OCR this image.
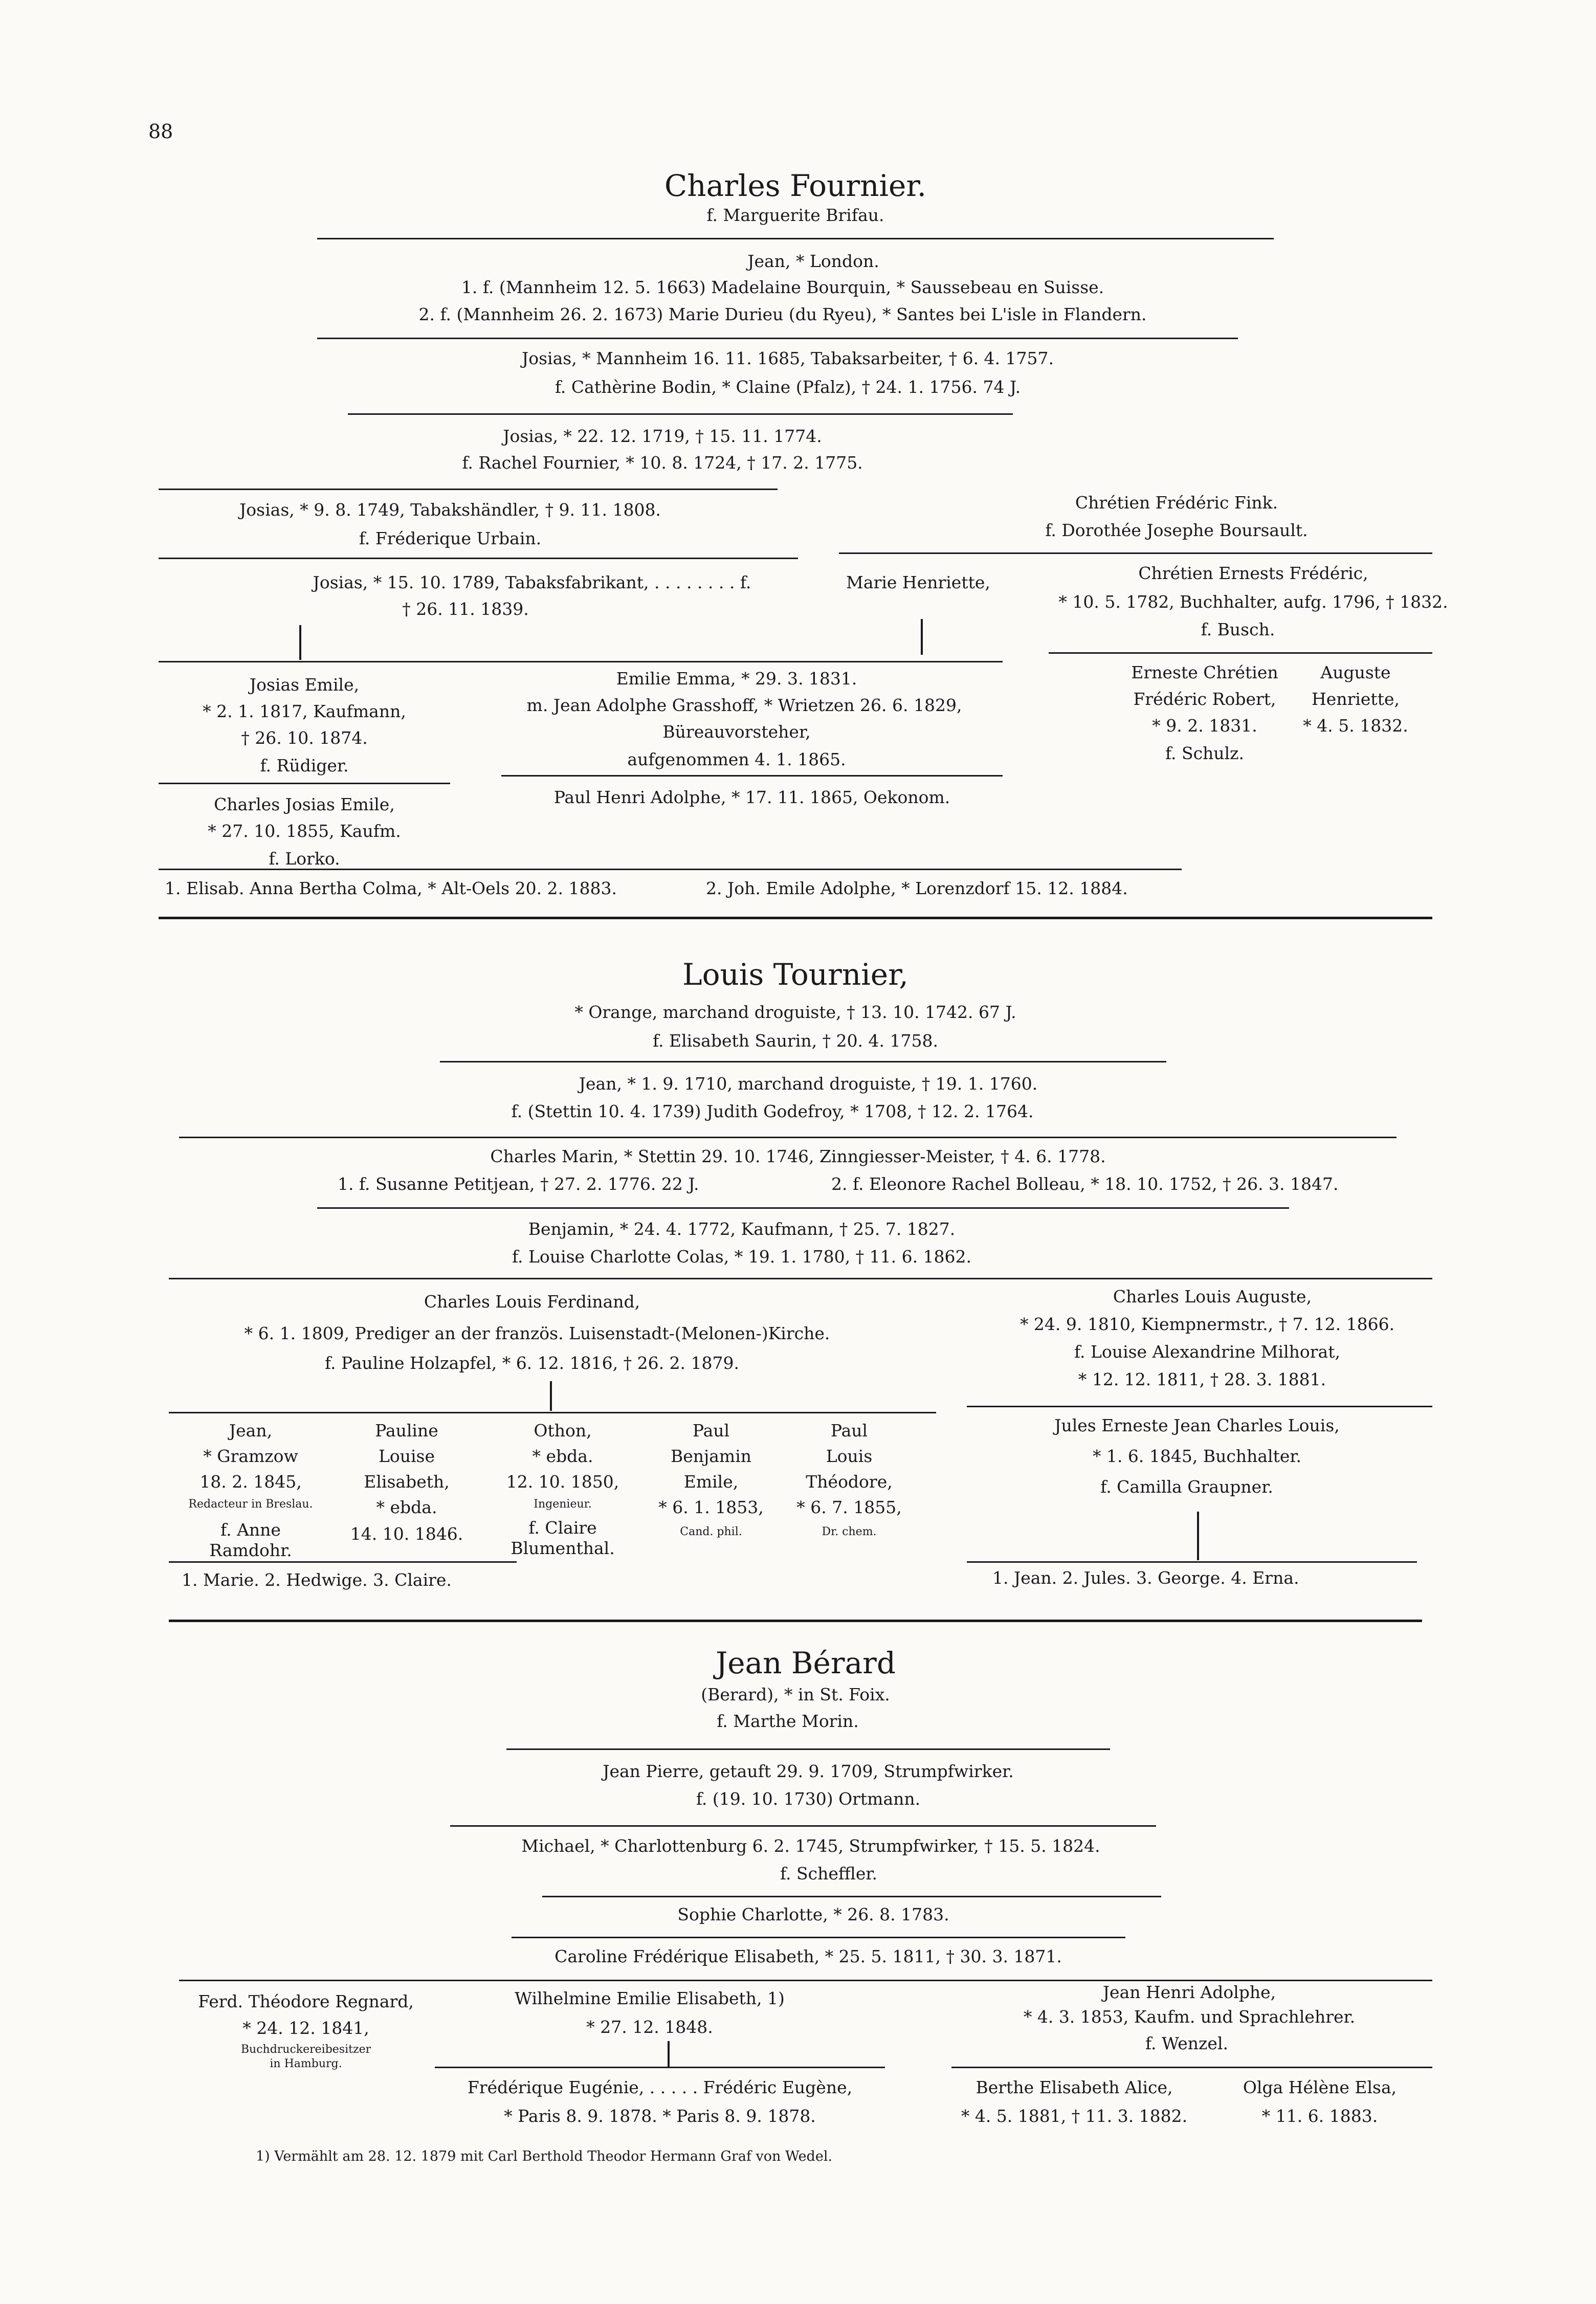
88
Charles Fournier.
f. Marguerite Brifau.
Jean, * London.
1. f. (Mannheim 12. 5. 1663) Madelaine Bourquin, * Saussebeau en Suisse.
2. f. (Mannheim 26. 2. 1673) Marie Durieu (du Ryeu), * Santes bei L'isle in Flandern.
Josias, * Mannheim 16. 11. 1685, Tabaksarbeiter, † 6. 4. 1757.
f. Cathèrine Bodin, * Claine (Pfalz), † 24. 1. 1756. 74 J.
Josias, * 22. 12. 1719, † 15. 11. 1774.
f. Rachel Fournier, * 10. 8. 1724, † 17. 2. 1775.
Josias, * 9. 8. 1749, Tabakshändler, † 9. 11. 1808.
f. Fréderique Urbain.
Chrétien Frédéric Fink.
f. Dorothée Josephe Boursault.
Josias, * 15. 10. 1789, Tabaksfabrikant, . . . . . . . . f.
† 26. 11. 1839.
Marie Henriette,	Chrétien Ernests Frédéric,
* 10. 5. 1782, Buchhalter, aufg. 1796, † 1832.
f. Busch.
Josias Emile,
* 2. 1. 1817, Kaufmann,
† 26. 10. 1874.
f. Rüdiger.
Emilie Emma, * 29. 3. 1831.
m. Jean Adolphe Grasshoff, * Wrietzen 26. 6. 1829,
Büreauvorsteher,
aufgenommen 4. 1. 1865.
Erneste Chrétien
Frédéric Robert,
* 9. 2. 1831.
f. Schulz.
Auguste
Henriette,
* 4. 5. 1832.
Charles Josias Emile,
* 27. 10. 1855, Kaufm.
f. Lorko.
Paul Henri Adolphe, * 17. 11. 1865, Oekonom.
1. Elisab. Anna Bertha Colma, * Alt-Oels 20. 2. 1883.	2. Joh. Emile Adolphe, * Lorenzdorf 15. 12. 1884.
Louis Tournier,
* Orange, marchand droguiste, † 13. 10. 1742. 67 J.
f. Elisabeth Saurin, † 20. 4. 1758.
Jean, * 1. 9. 1710, marchand droguiste, † 19. 1. 1760.
f. (Stettin 10. 4. 1739) Judith Godefroy, * 1708, † 12. 2. 1764.
Charles Marin, * Stettin 29. 10. 1746, Zinngiesser-Meister, † 4. 6. 1778.
1. f. Susanne Petitjean, † 27. 2. 1776. 22 J.	2. f. Eleonore Rachel Bolleau, * 18. 10. 1752, † 26. 3. 1847.
Benjamin, * 24. 4. 1772, Kaufmann, † 25. 7. 1827.
f. Louise Charlotte Colas, * 19. 1. 1780, † 11. 6. 1862.
Charles Louis Ferdinand,
* 6. 1. 1809, Prediger an der französ. Luisenstadt-(Melonen-)Kirche.
f. Pauline Holzapfel, * 6. 12. 1816, † 26. 2. 1879.
Charles Louis Auguste,
* 24. 9. 1810, Kiempnermstr., † 7. 12. 1866.
f. Louise Alexandrine Milhorat,
* 12. 12. 1811, † 28. 3. 1881.
Jean,
* Gramzow
18. 2. 1845,
Redacteur in Breslau.
f. Anne
Ramdohr.
Pauline
Louise
Elisabeth,
* ebda.
14. 10. 1846.
Othon,
* ebda.
12. 10. 1850,
Ingenieur.
f. Claire
Blumenthal.
Paul
Benjamin
Emile,
* 6. 1. 1853,
Cand. phil.
Paul
Louis
Théodore,
* 6. 7. 1855,
Dr. chem.
Jules Erneste Jean Charles Louis,
* 1. 6. 1845, Buchhalter.
f. Camilla Graupner.
1. Marie. 2. Hedwige. 3. Claire.	1. Jean. 2. Jules. 3. George. 4. Erna.
Jean Bérard
(Berard), * in St. Foix.
f. Marthe Morin.
Jean Pierre, getauft 29. 9. 1709, Strumpfwirker.
f. (19. 10. 1730) Ortmann.
Michael, * Charlottenburg 6. 2. 1745, Strumpfwirker, † 15. 5. 1824.
f. Scheffler.
Sophie Charlotte, * 26. 8. 1783.
Caroline Frédérique Elisabeth, * 25. 5. 1811, † 30. 3. 1871.
Ferd. Théodore Regnard,
* 24. 12. 1841,
Buchdruckereibesitzer
in Hamburg.
Wilhelmine Emilie Elisabeth, 1)
* 27. 12. 1848.
Jean Henri Adolphe,
* 4. 3. 1853, Kaufm. und Sprachlehrer.
f. Wenzel.
Frédérique Eugénie, . . . . . Frédéric Eugène,
* Paris 8. 9. 1878. * Paris 8. 9. 1878.
Berthe Elisabeth Alice,
* 4. 5. 1881, † 11. 3. 1882.
Olga Hélène Elsa,
* 11. 6. 1883.
1) Vermählt am 28. 12. 1879 mit Carl Berthold Theodor Hermann Graf von Wedel.
